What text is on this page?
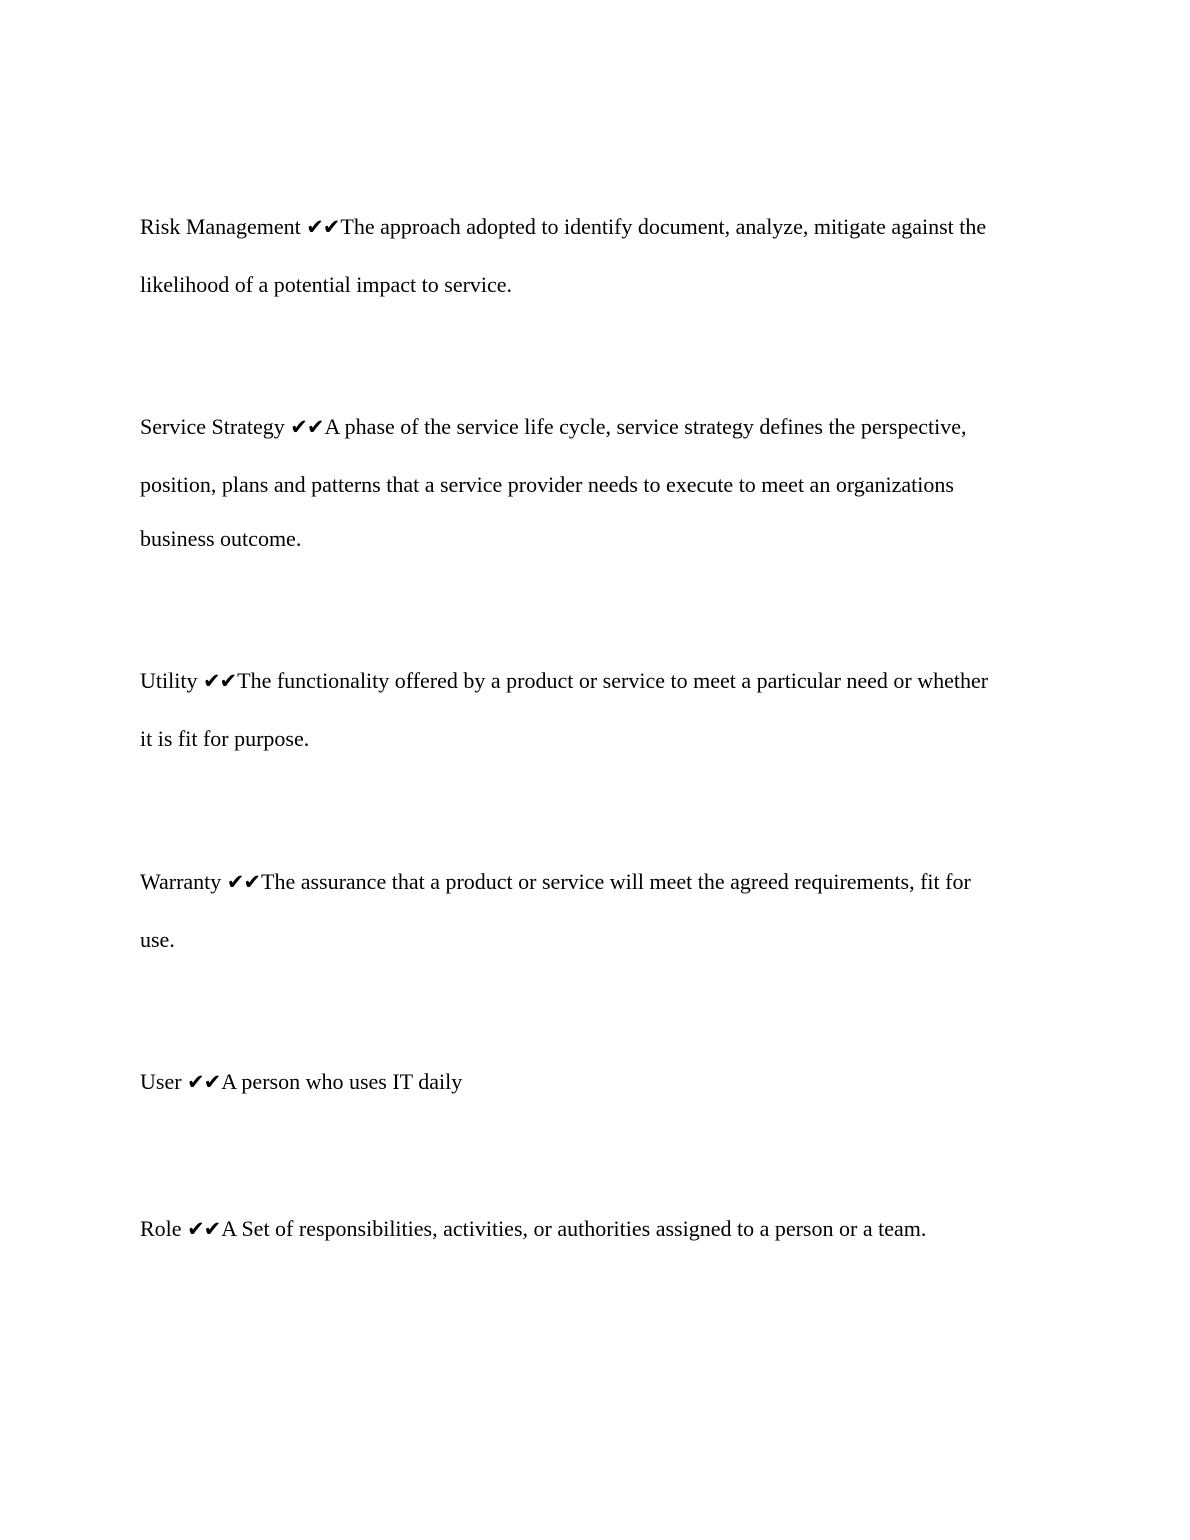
Risk Management ✔✔The approach adopted to identify document, analyze, mitigate against the
likelihood of a potential impact to service.
Service Strategy ✔✔A phase of the service life cycle, service strategy defines the perspective,
position, plans and patterns that a service provider needs to execute to meet an organizations
business outcome.
Utility ✔✔The functionality offered by a product or service to meet a particular need or whether
it is fit for purpose.
Warranty ✔✔The assurance that a product or service will meet the agreed requirements, fit for
use.
User ✔✔A person who uses IT daily
Role ✔✔A Set of responsibilities, activities, or authorities assigned to a person or a team.
